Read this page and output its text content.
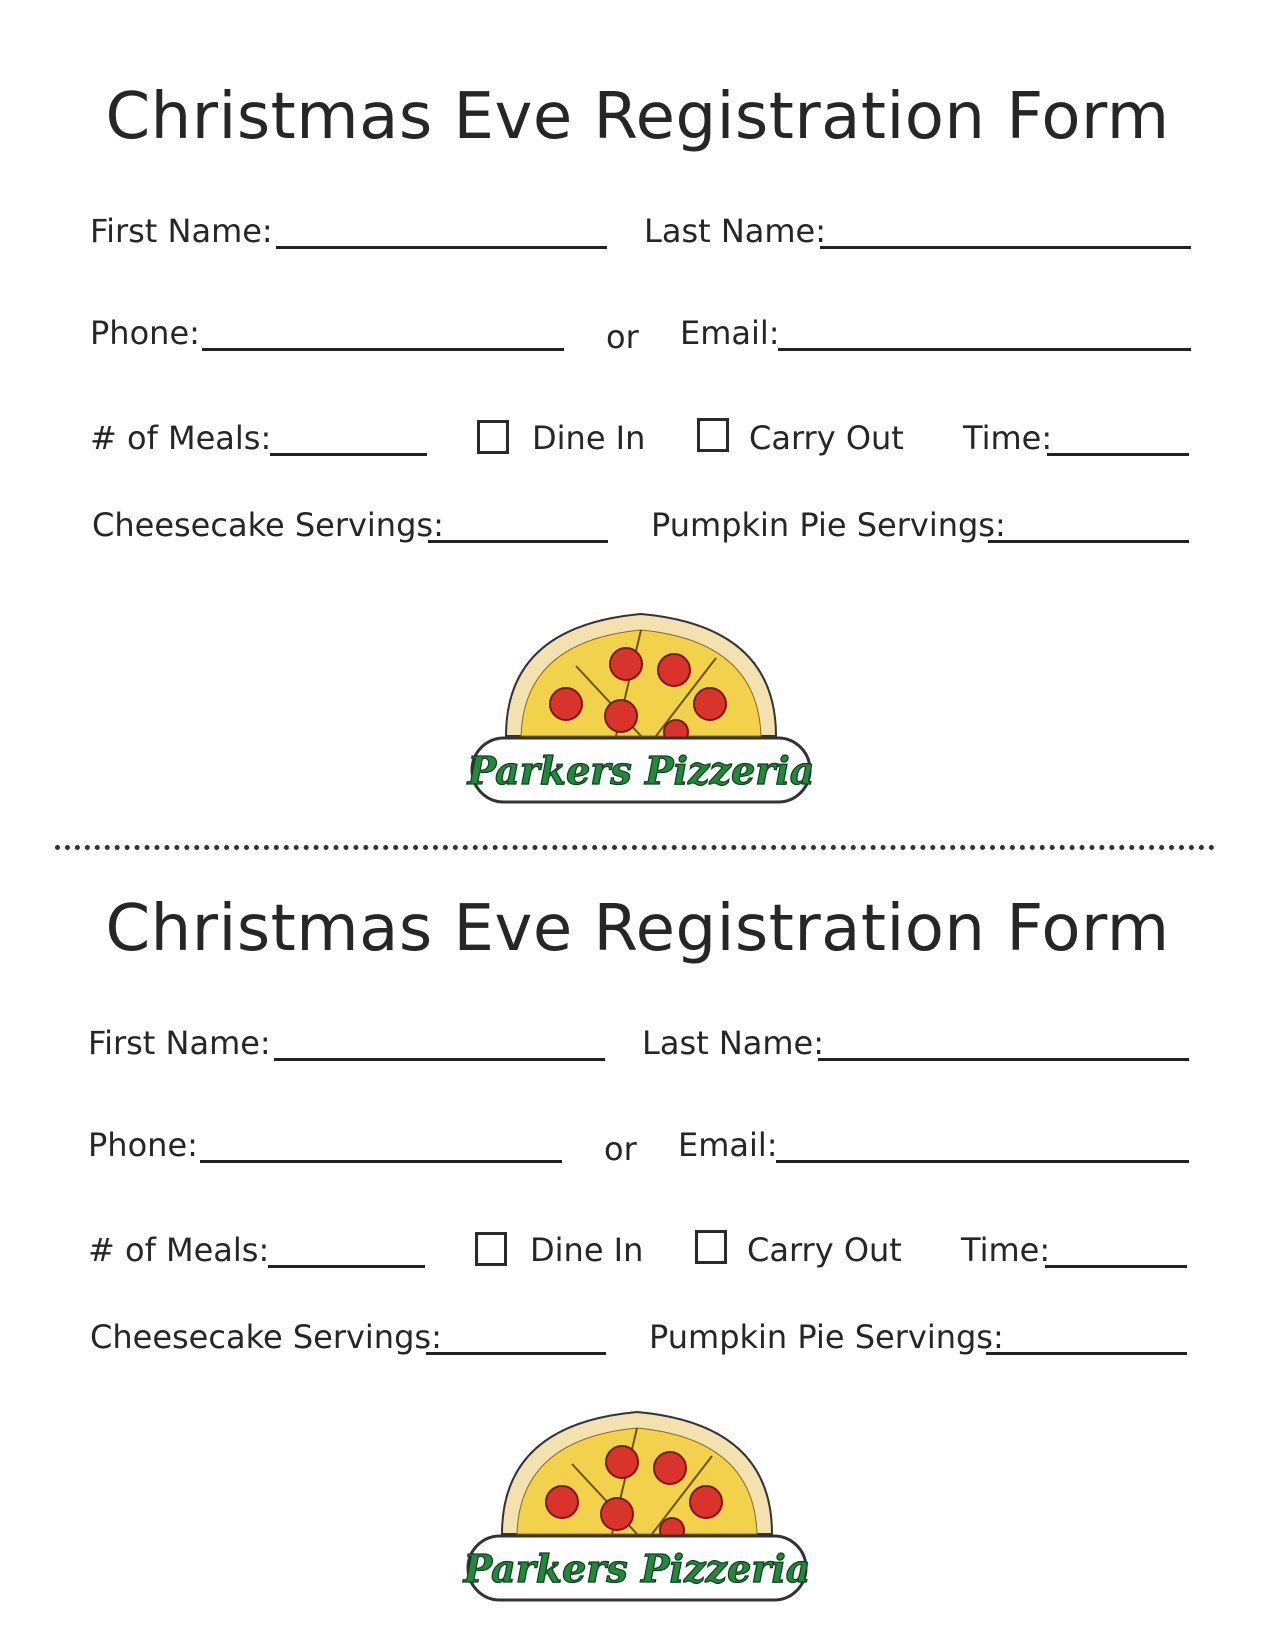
Christmas Eve Registration Form
First Name:	Last Name:
Phone:	or Email:
# of Meals:	Dine In	Carry Out Time:
Cheesecake Servings:	Pumpkin Pie Servings:
Parkers Pizzeria
Christmas Eve Registration Form
First Name:	Last Name:
Phone:	or Email:
# of Meals:	Dine In	Carry Out Time:
Cheesecake Servings:	Pumpkin Pie Servings:
Parkers Pizzeria
